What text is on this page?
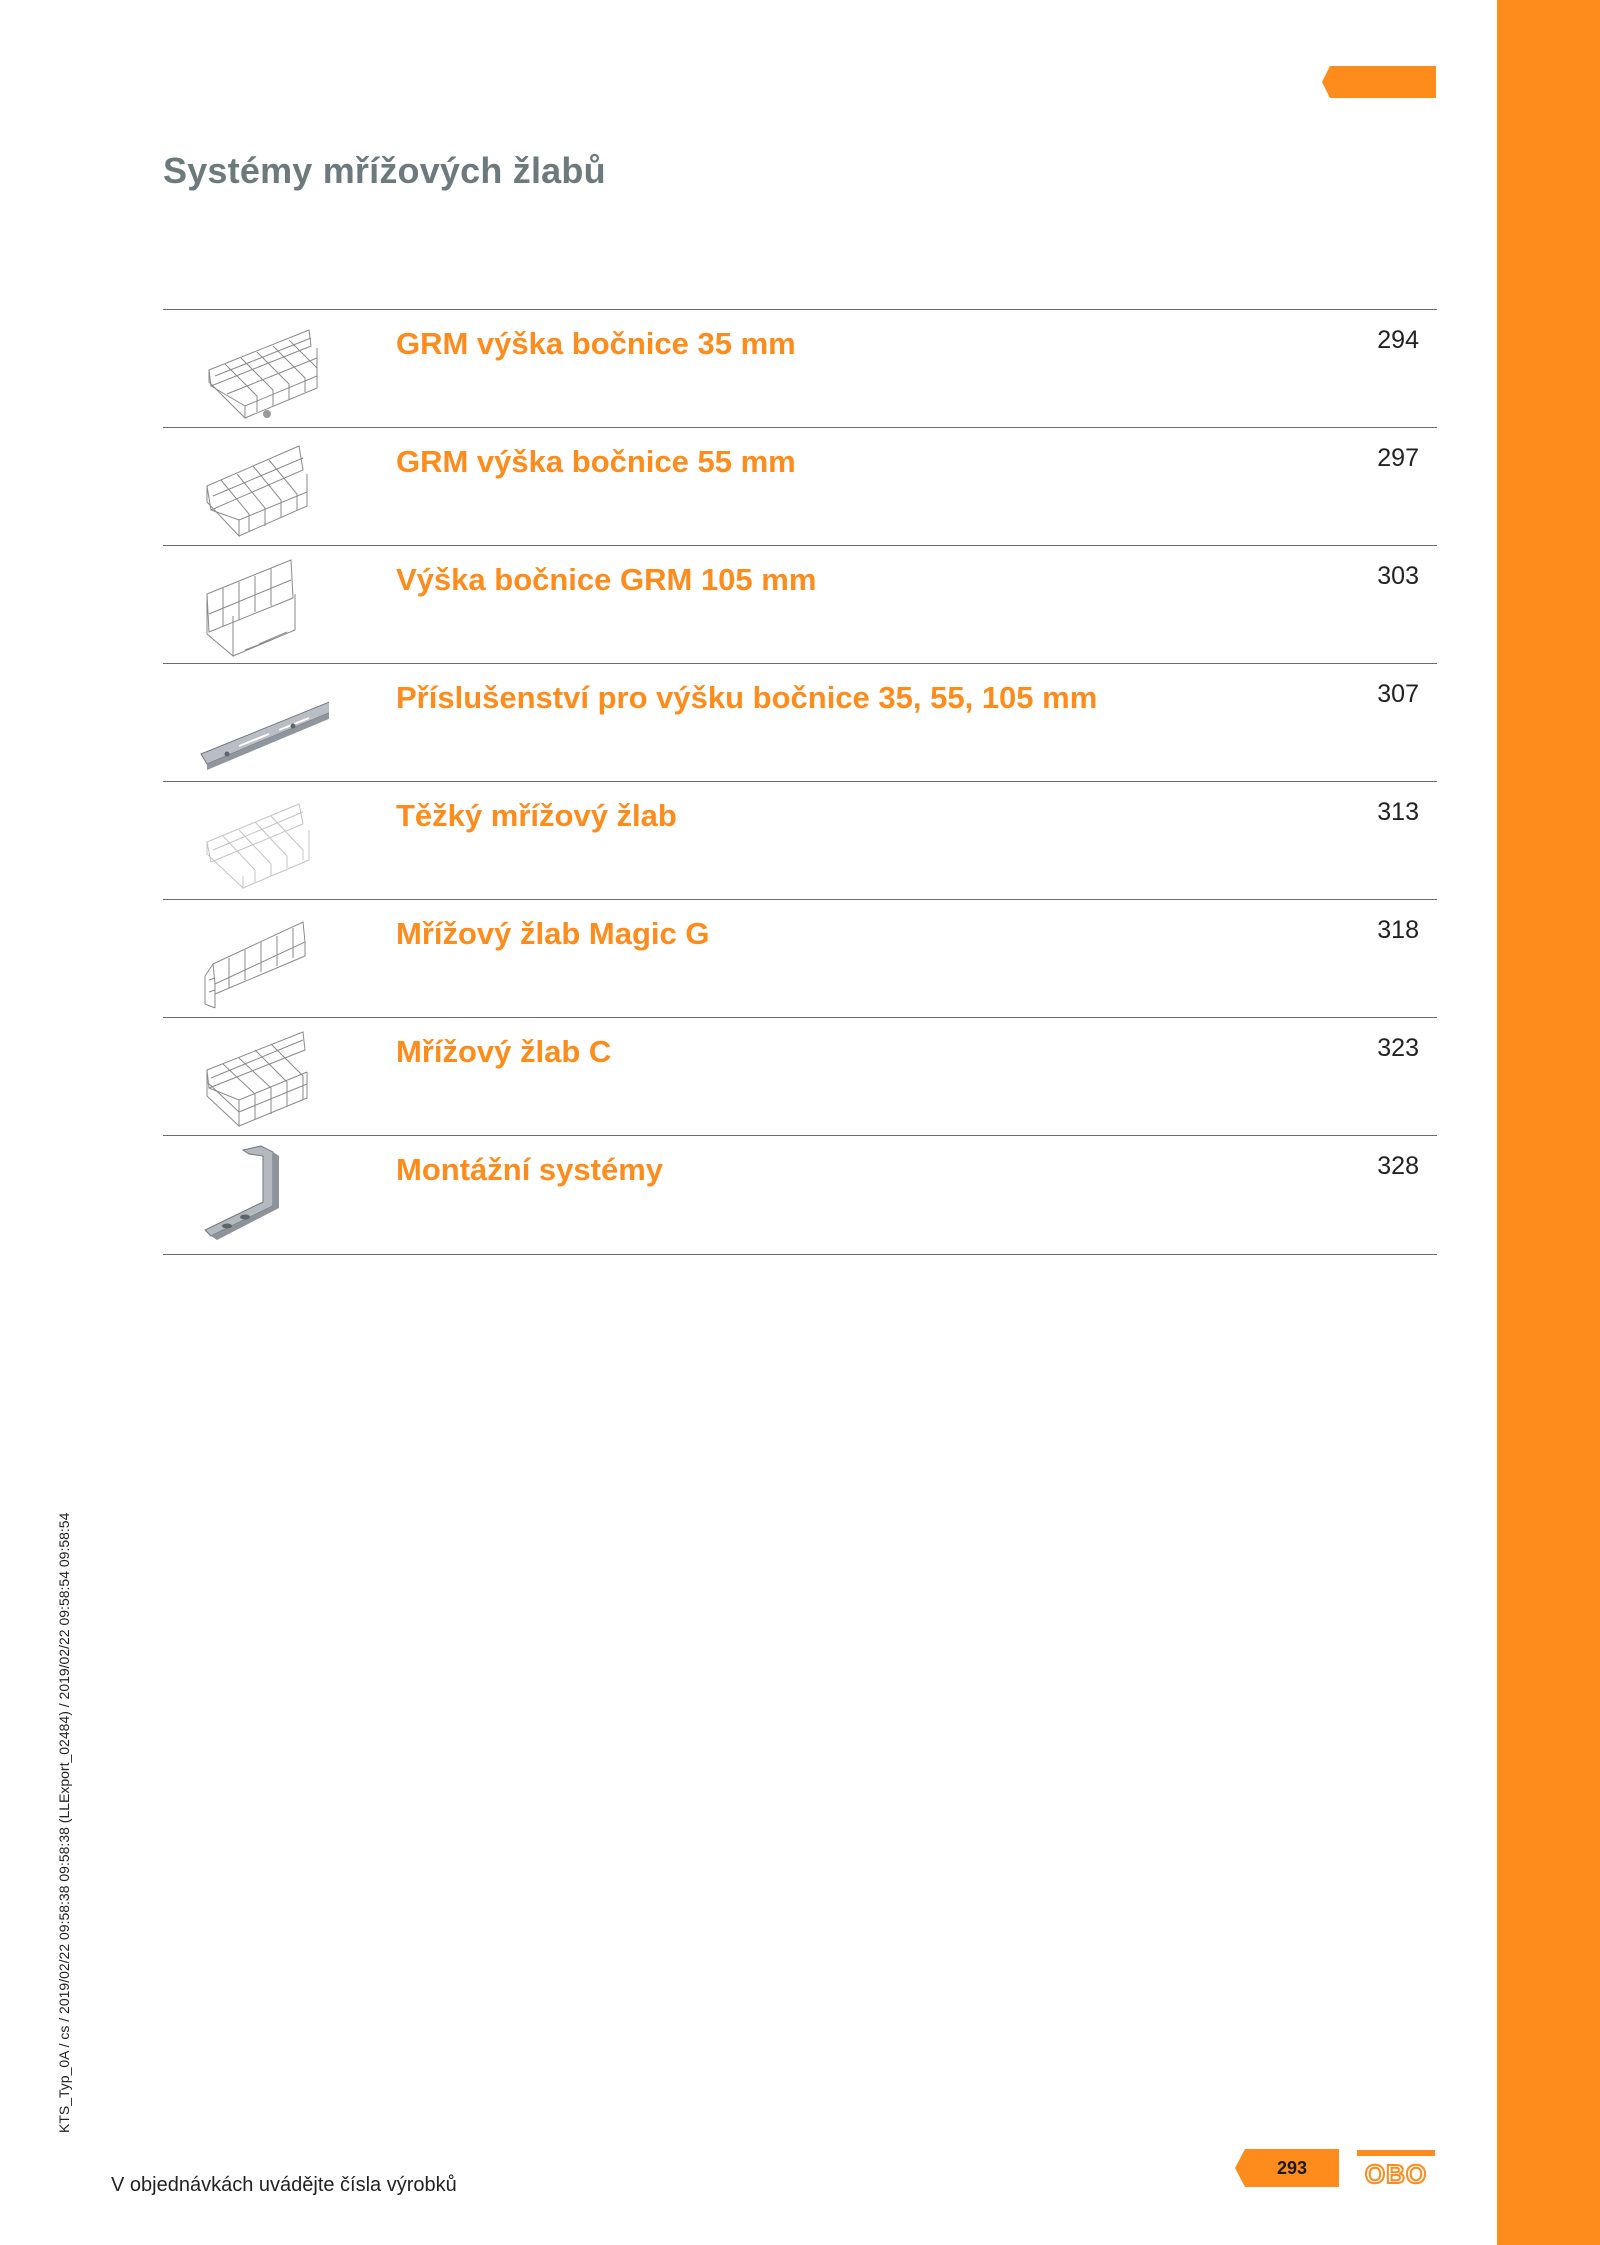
Systémy mřížových žlabů
GRM výška bočnice 35 mm	294
GRM výška bočnice 55 mm	297
Výška bočnice GRM 105 mm	303
Příslušenství pro výšku bočnice 35, 55, 105 mm	307
Těžký mřížový žlab	313
Mřížový žlab Magic G	318
Mřížový žlab C	323
Montážní systémy	328
KTS_Typ_0A / cs / 2019/02/22 09:58:38 09:58:38 (LLExport_02484) / 2019/02/22 09:58:54 09:58:54
V objednávkách uvádějte čísla výrobků
293	OBO
